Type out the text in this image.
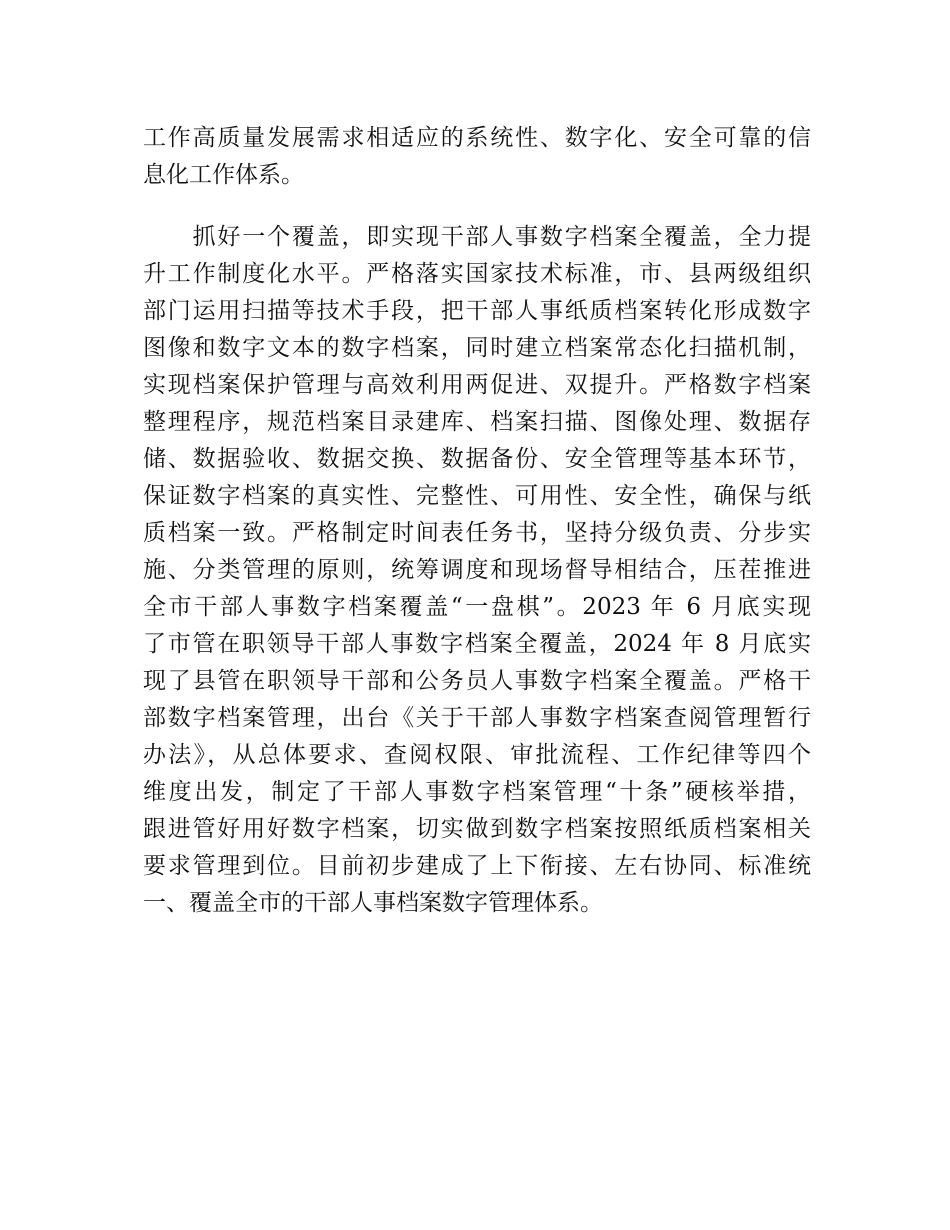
工作高质量发展需求相适应的系统性、数字化、安全可靠的信
息化工作体系。
　　抓好一个覆盖，即实现干部人事数字档案全覆盖，全力提
升工作制度化水平。严格落实国家技术标准，市、县两级组织
部门运用扫描等技术手段，把干部人事纸质档案转化形成数字
图像和数字文本的数字档案，同时建立档案常态化扫描机制，
实现档案保护管理与高效利用两促进、双提升。严格数字档案
整理程序，规范档案目录建库、档案扫描、图像处理、数据存
储、数据验收、数据交换、数据备份、安全管理等基本环节，
保证数字档案的真实性、完整性、可用性、安全性，确保与纸
质档案一致。严格制定时间表任务书，坚持分级负责、分步实
施、分类管理的原则，统筹调度和现场督导相结合，压茬推进
全市干部人事数字档案覆盖“一盘棋”。2023 年 6 月底实现
了市管在职领导干部人事数字档案全覆盖，2024 年 8 月底实
现了县管在职领导干部和公务员人事数字档案全覆盖。严格干
部数字档案管理，出台《关于干部人事数字档案查阅管理暂行
办法》，从总体要求、查阅权限、审批流程、工作纪律等四个
维度出发，制定了干部人事数字档案管理“十条”硬核举措，
跟进管好用好数字档案，切实做到数字档案按照纸质档案相关
要求管理到位。目前初步建成了上下衔接、左右协同、标准统
一、覆盖全市的干部人事档案数字管理体系。
